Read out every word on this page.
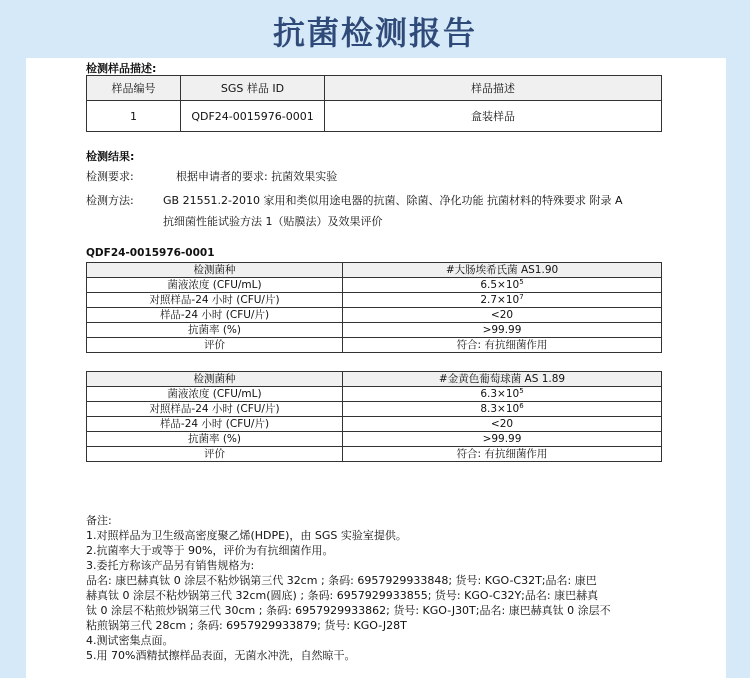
抗菌检测报告
检测样品描述:
样品编号	SGS 样品 ID	样品描述
1	QDF24-0015976-0001	盒装样品
检测结果:
检测要求:	根据申请者的要求: 抗菌效果实验
检测方法:	GB 21551.2-2010 家用和类似用途电器的抗菌、除菌、净化功能 抗菌材料的特殊要求 附录 A
抗细菌性能试验方法 1（贴膜法）及效果评价
QDF24-0015976-0001
检测菌种	#大肠埃希氏菌 AS1.90
菌液浓度 (CFU/mL)	$6.5\times 10^5$
对照样品-24 小时 (CFU/片)	$2.7\times 10^7$
样品-24 小时 (CFU/片)	<20
抗菌率 (%)	>99.99
评价	符合: 有抗细菌作用
检测菌种	#金黄色葡萄球菌 AS 1.89
菌液浓度 (CFU/mL)	$6.3\times 10^5$
对照样品-24 小时 (CFU/片)	$8.3\times 10^6$
样品-24 小时 (CFU/片)	<20
抗菌率 (%)	>99.99
评价	符合: 有抗细菌作用
备注:
1.对照样品为卫生级高密度聚乙烯(HDPE)，由 SGS 实验室提供。
2.抗菌率大于或等于 90%，评价为有抗细菌作用。
3.委托方称该产品另有销售规格为:
品名: 康巴赫真钛 0 涂层不粘炒锅第三代 32cm ; 条码: 6957929933848; 货号: KGO-C32T;品名: 康巴
赫真钛 0 涂层不粘炒锅第三代 32cm(圆底) ; 条码: 6957929933855; 货号: KGO-C32Y;品名: 康巴赫真
钛 0 涂层不粘煎炒锅第三代 30cm ; 条码: 6957929933862; 货号: KGO-J30T;品名: 康巴赫真钛 0 涂层不
粘煎锅第三代 28cm ; 条码: 6957929933879; 货号: KGO-J28T
4.测试密集点面。
5.用 70%酒精拭擦样品表面，无菌水冲洗，自然晾干。
